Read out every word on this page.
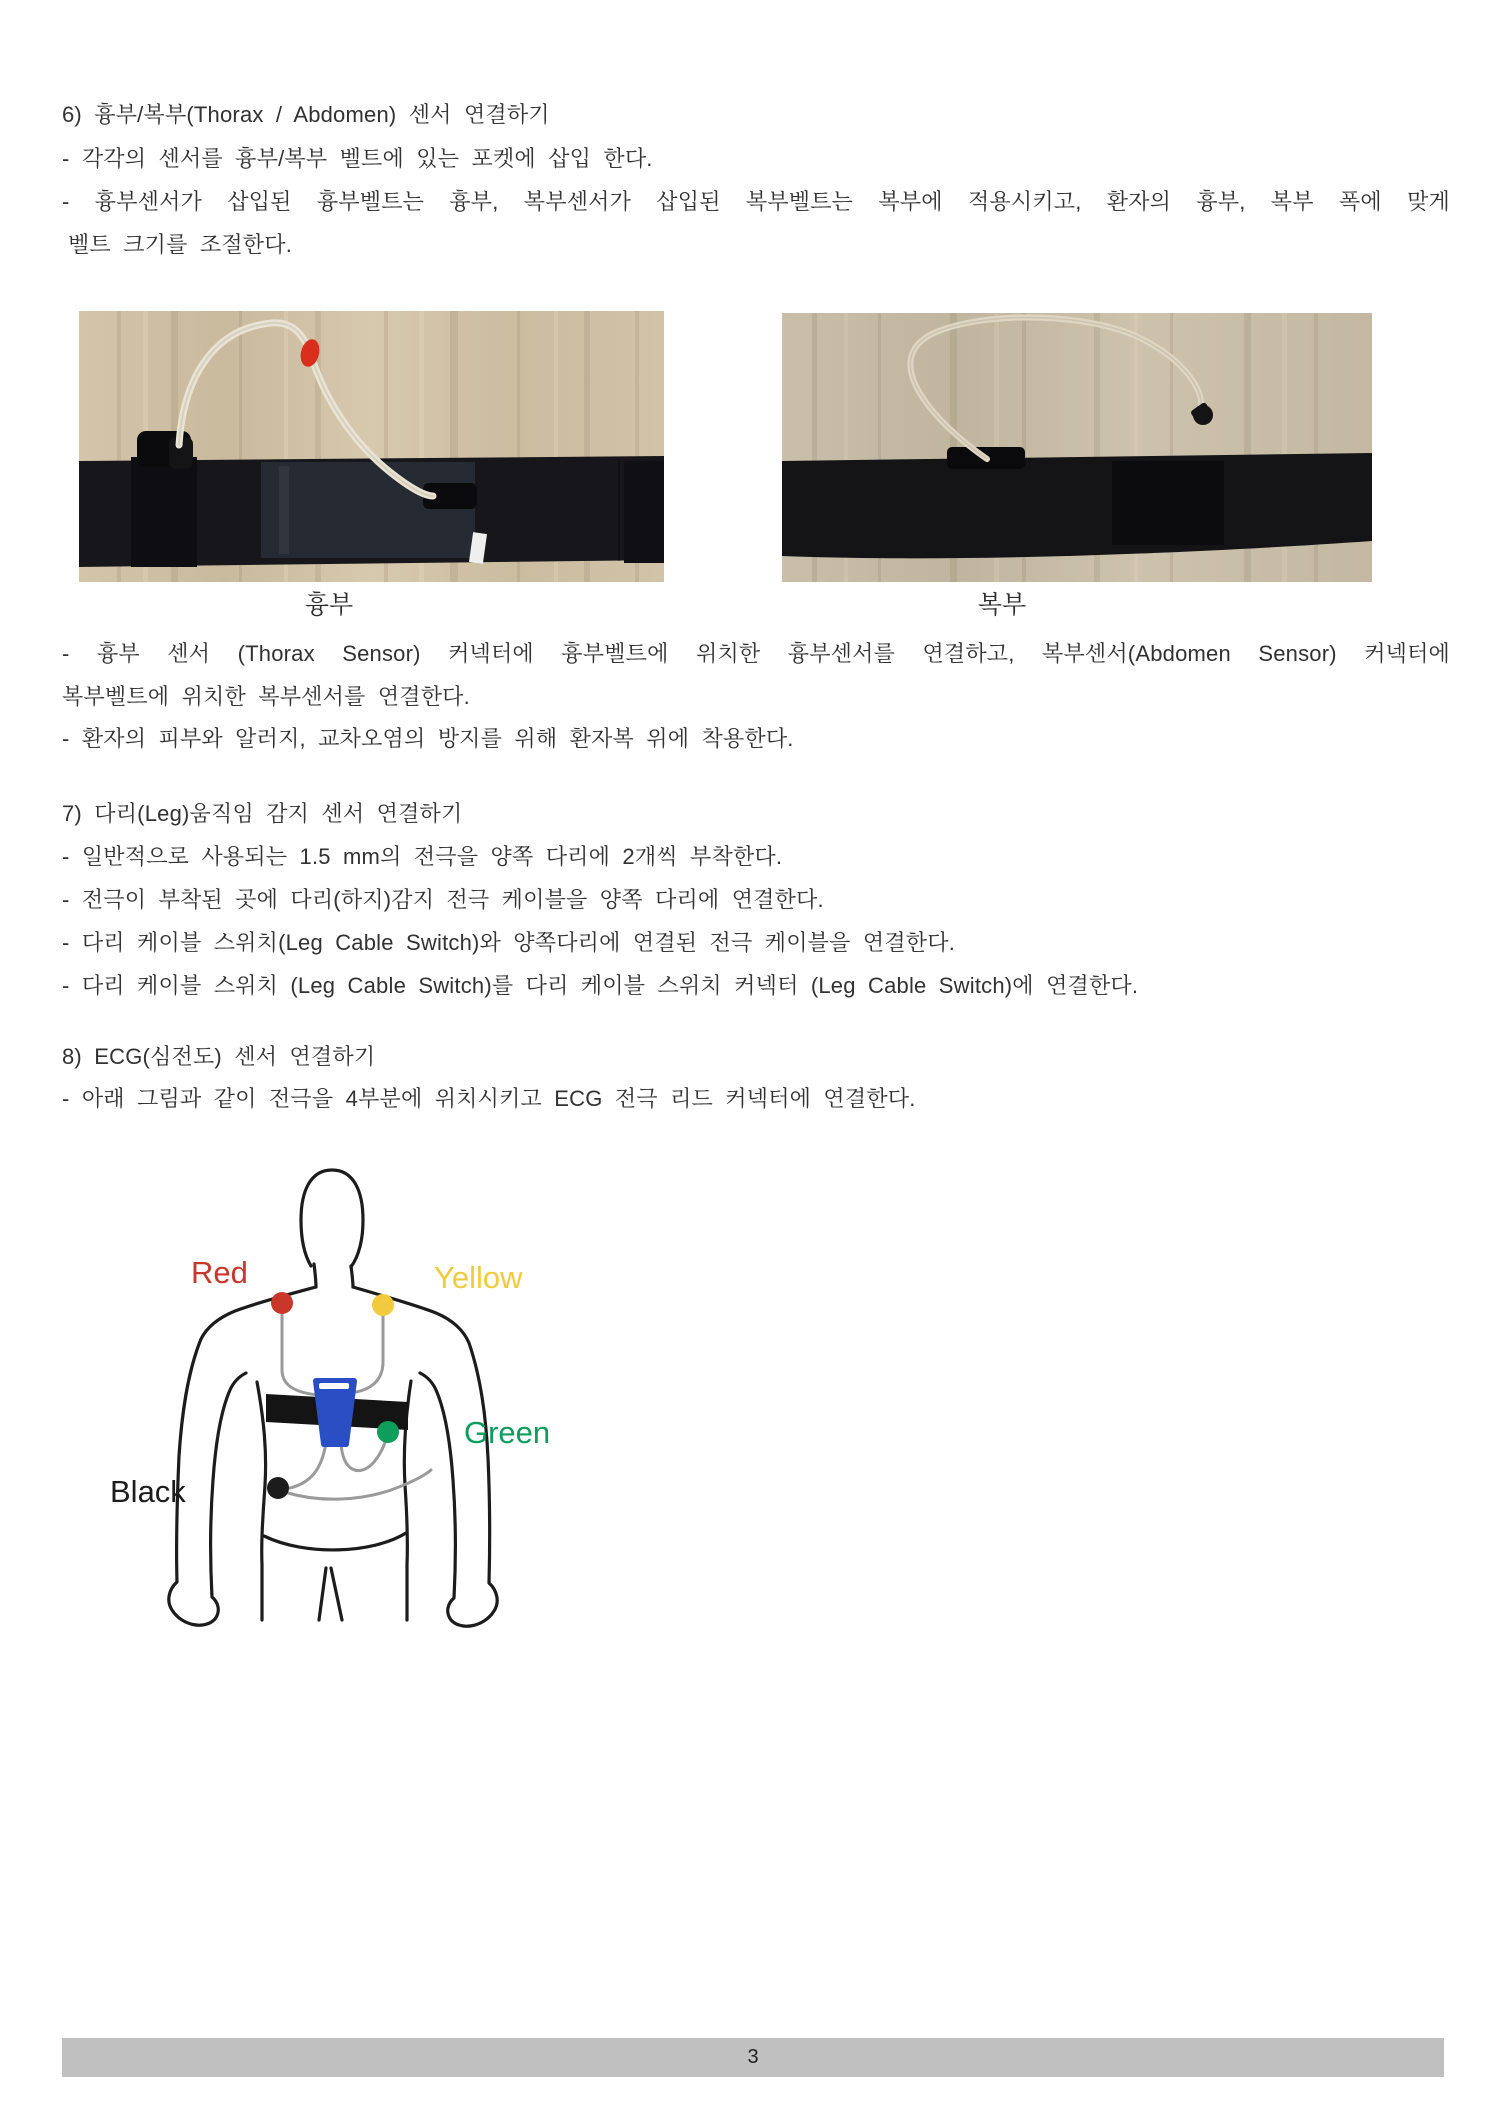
6) 흉부/복부(Thorax / Abdomen) 센서 연결하기
- 각각의 센서를 흉부/복부 벨트에 있는 포켓에 삽입 한다.
- 흉부센서가 삽입된 흉부벨트는 흉부, 복부센서가 삽입된 복부벨트는 복부에 적용시키고, 환자의 흉부, 복부 폭에 맞게
벨트 크기를 조절한다.
흉부	복부
- 흉부 센서 (Thorax Sensor) 커넥터에 흉부벨트에 위치한 흉부센서를 연결하고, 복부센서(Abdomen Sensor) 커넥터에
복부벨트에 위치한 복부센서를 연결한다.
- 환자의 피부와 알러지, 교차오염의 방지를 위해 환자복 위에 착용한다.
7) 다리(Leg)움직임 감지 센서 연결하기
- 일반적으로 사용되는 1.5 mm의 전극을 양쪽 다리에 2개씩 부착한다.
- 전극이 부착된 곳에 다리(하지)감지 전극 케이블을 양쪽 다리에 연결한다.
- 다리 케이블 스위치(Leg Cable Switch)와 양쪽다리에 연결된 전극 케이블을 연결한다.
- 다리 케이블 스위치 (Leg Cable Switch)를 다리 케이블 스위치 커넥터 (Leg Cable Switch)에 연결한다.
8) ECG(심전도) 센서 연결하기
- 아래 그림과 같이 전극을 4부분에 위치시키고 ECG 전극 리드 커넥터에 연결한다.
Red	Yellow
Green
Black
3
